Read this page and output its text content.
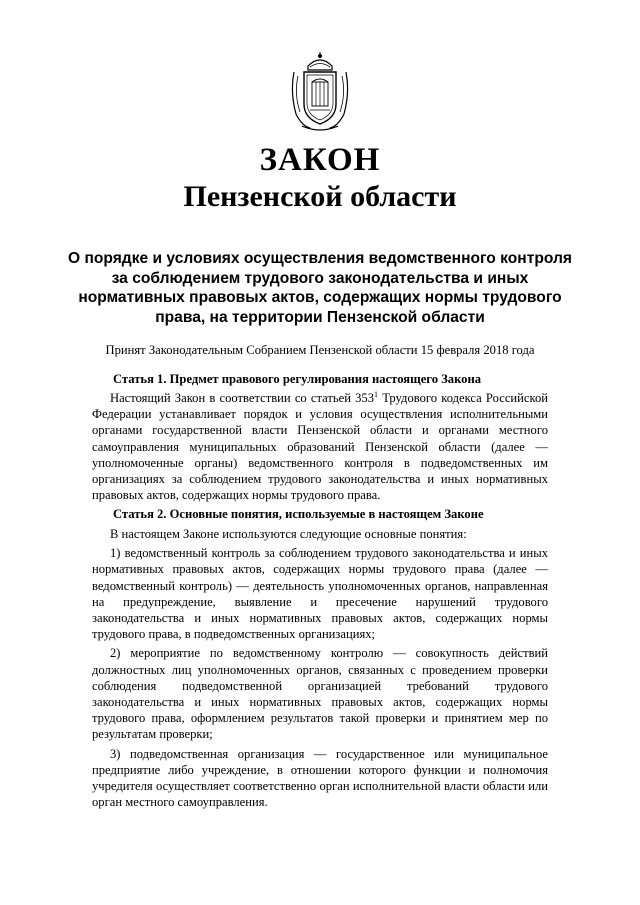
ЗАКОН
Пензенской области
О порядке и условиях осуществления ведомственного контроля
за соблюдением трудового законодательства и иных
нормативных правовых актов, содержащих нормы трудового
права, на территории Пензенской области
Принят Законодательным Собранием Пензенской области 15 февраля 2018 года
Статья 1. Предмет правового регулирования настоящего Закона

Настоящий Закон в соответствии со статьей $353^1$ Трудового кодекса Российской Федерации устанавливает порядок и условия осуществления исполнительными органами государственной власти Пензенской области и органами местного самоуправления муниципальных образований Пензенской области (далее — уполномоченные органы) ведомственного контроля в подведомственных им организациях за соблюдением трудового законодательства и иных нормативных правовых актов, содержащих нормы трудового права.

Статья 2. Основные понятия, используемые в настоящем Законе

В настоящем Законе используются следующие основные понятия:

1) ведомственный контроль за соблюдением трудового законодательства и иных нормативных правовых актов, содержащих нормы трудового права (далее — ведомственный контроль) — деятельность уполномоченных органов, направленная на предупреждение, выявление и пресечение нарушений трудового законодательства и иных нормативных правовых актов, содержащих нормы трудового права, в подведомственных организациях;

2) мероприятие по ведомственному контролю — совокупность действий должностных лиц уполномоченных органов, связанных с проведением проверки соблюдения подведомственной организацией требований трудового законодательства и иных нормативных правовых актов, содержащих нормы трудового права, оформлением результатов такой проверки и принятием мер по результатам проверки;

3) подведомственная организация — государственное или муниципальное предприятие либо учреждение, в отношении которого функции и полномочия учредителя осуществляет соответственно орган исполнительной власти области или орган местного самоуправления.
